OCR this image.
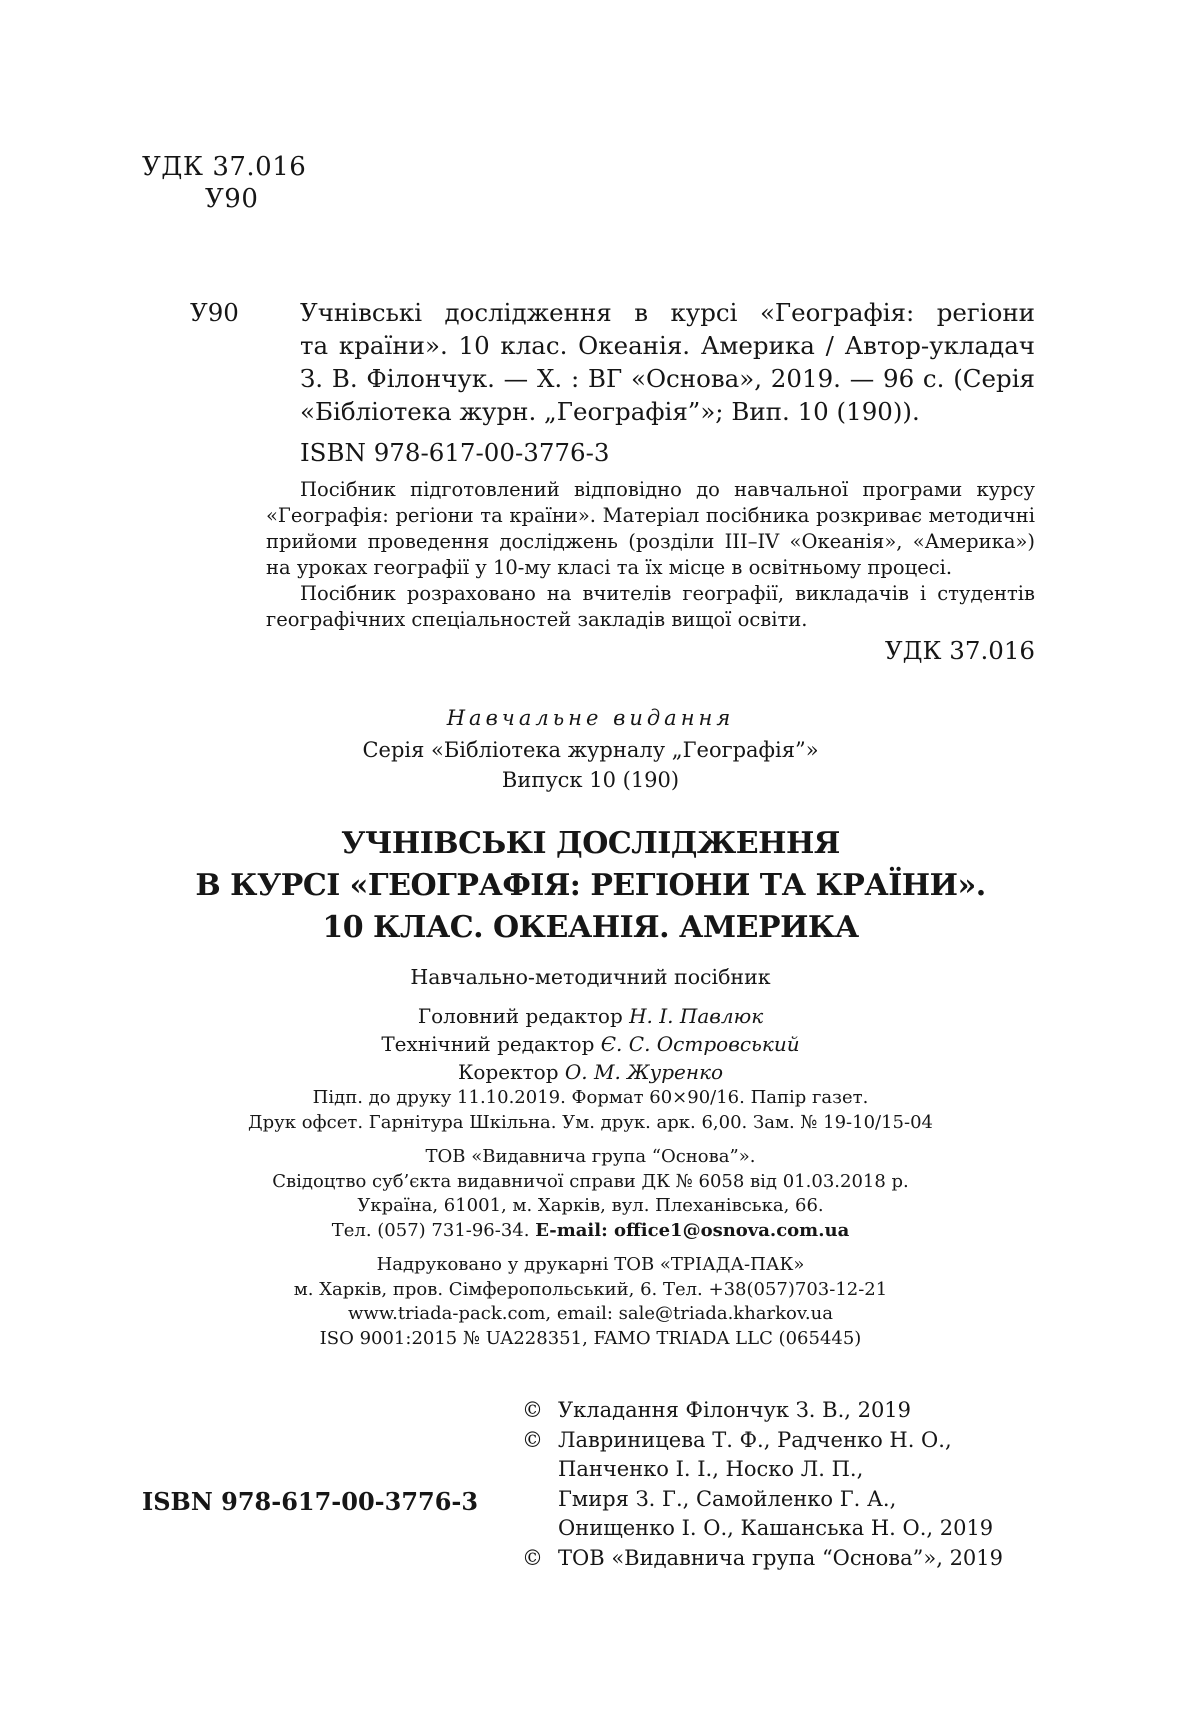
УДК 37.016
У90
У90 Учнівські дослідження в курсі «Географія: регіони
та країни». 10 клас. Океанія. Америка / Автор-укладач
З. В. Філончук. — Х. : ВГ «Основа», 2019. — 96 с. (Серія
«Бібліотека журн. „Географія”»; Вип. 10 (190)).
ISBN 978-617-00-3776-3

Посібник підготовлений відповідно до навчальної програми курсу «Географія: регіони та країни». Матеріал посібника розкриває методичні прийоми проведення досліджень (розділи III–IV «Океанія», «Америка») на уроках географії у 10-му класі та їх місце в освітньому процесі.

Посібник розраховано на вчителів географії, викладачів і студентів географічних спеціальностей закладів вищої освіти.

УДК 37.016
Навчальне видання
Серія «Бібліотека журналу „Географія”»
Випуск 10 (190)
УЧНІВСЬКІ ДОСЛІДЖЕННЯ
В КУРСІ «ГЕОГРАФІЯ: РЕГІОНИ ТА КРАЇНИ».
10 КЛАС. ОКЕАНІЯ. АМЕРИКА
Навчально-методичний посібник
Головний редактор Н. І. Павлюк
Технічний редактор Є. С. Островський
Коректор О. М. Журенко
Підп. до друку 11.10.2019. Формат 60×90/16. Папір газет.
Друк офсет. Гарнітура Шкільна. Ум. друк. арк. 6,00. Зам. № 19-10/15-04
ТОВ «Видавнича група “Основа”».
Свідоцтво суб’єкта видавничої справи ДК № 6058 від 01.03.2018 р.
Україна, 61001, м. Харків, вул. Плеханівська, 66.
Тел. (057) 731-96-34. E-mail: office1@osnova.com.ua
Надруковано у друкарні ТОВ «ТРІАДА-ПАК»
м. Харків, пров. Сімферопольський, 6. Тел. +38(057)703-12-21
www.triada-pack.com, email: sale@triada.kharkov.ua
ISO 9001:2015 № UA228351, FAMO TRIADA LLC (065445)
© Укладання Філончук З. В., 2019
© Лавриницева Т. Ф., Радченко Н. О.,
Панченко І. І., Носко Л. П.,
Гмиря З. Г., Самойленко Г. А.,
Онищенко І. О., Кашанська Н. О., 2019
© ТОВ «Видавнича група “Основа”», 2019
ISBN 978-617-00-3776-3
